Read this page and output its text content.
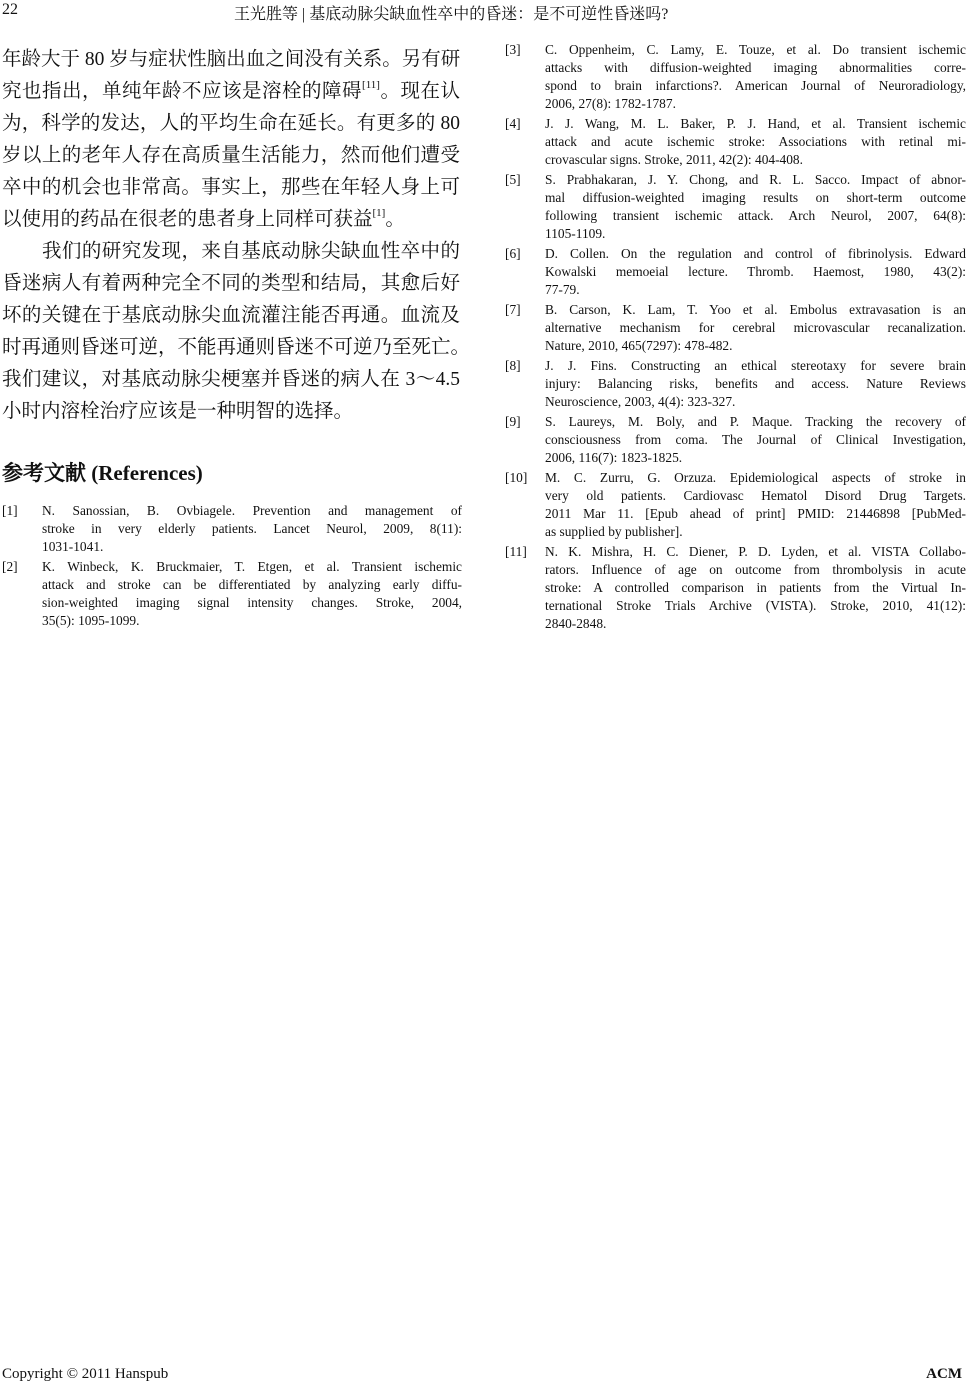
22	王光胜等 | 基底动脉尖缺血性卒中的昏迷：是不可逆性昏迷吗?
年龄大于 80 岁与症状性脑出血之间没有关系。另有研
究也指出，单纯年龄不应该是溶栓的障碍[11]。现在认
为，科学的发达，人的平均生命在延长。有更多的 80
岁以上的老年人存在高质量生活能力，然而他们遭受
卒中的机会也非常高。事实上，那些在年轻人身上可
以使用的药品在很老的患者身上同样可获益[1]。
我们的研究发现，来自基底动脉尖缺血性卒中的
昏迷病人有着两种完全不同的类型和结局，其愈后好
坏的关键在于基底动脉尖血流灌注能否再通。血流及
时再通则昏迷可逆，不能再通则昏迷不可逆乃至死亡。
我们建议，对基底动脉尖梗塞并昏迷的病人在 3～4.5
小时内溶栓治疗应该是一种明智的选择。
参考文献 (References)
[1]	N. Sanossian, B. Ovbiagele. Prevention and management of
stroke in very elderly patients. Lancet Neurol, 2009, 8(11):
1031-1041.
[2]	K. Winbeck, K. Bruckmaier, T. Etgen, et al. Transient ischemic
attack and stroke can be differentiated by analyzing early diffu-
sion-weighted imaging signal intensity changes. Stroke, 2004,
35(5): 1095-1099.
[3]	C. Oppenheim, C. Lamy, E. Touze, et al. Do transient ischemic
attacks with diffusion-weighted imaging abnormalities corre-
spond to brain infarctions?. American Journal of Neuroradiology,
2006, 27(8): 1782-1787.
[4]	J. J. Wang, M. L. Baker, P. J. Hand, et al. Transient ischemic
attack and acute ischemic stroke: Associations with retinal mi-
crovascular signs. Stroke, 2011, 42(2): 404-408.
[5]	S. Prabhakaran, J. Y. Chong, and R. L. Sacco. Impact of abnor-
mal diffusion-weighted imaging results on short-term outcome
following transient ischemic attack. Arch Neurol, 2007, 64(8):
1105-1109.
[6]	D. Collen. On the regulation and control of fibrinolysis. Edward
Kowalski memoeial lecture. Thromb. Haemost, 1980, 43(2):
77-79.
[7]	B. Carson, K. Lam, T. Yoo et al. Embolus extravasation is an
alternative mechanism for cerebral microvascular recanalization.
Nature, 2010, 465(7297): 478-482.
[8]	J. J. Fins. Constructing an ethical stereotaxy for severe brain
injury: Balancing risks, benefits and access. Nature Reviews
Neuroscience, 2003, 4(4): 323-327.
[9]	S. Laureys, M. Boly, and P. Maque. Tracking the recovery of
consciousness from coma. The Journal of Clinical Investigation,
2006, 116(7): 1823-1825.
[10]	M. C. Zurru, G. Orzuza. Epidemiological aspects of stroke in
very old patients. Cardiovasc Hematol Disord Drug Targets.
2011 Mar 11. [Epub ahead of print] PMID: 21446898 [PubMed-
as supplied by publisher].
[11]	N. K. Mishra, H. C. Diener, P. D. Lyden, et al. VISTA Collabo-
rators. Influence of age on outcome from thrombolysis in acute
stroke: A controlled comparison in patients from the Virtual In-
ternational Stroke Trials Archive (VISTA). Stroke, 2010, 41(12):
2840-2848.
Copyright © 2011 Hanspub	ACM
